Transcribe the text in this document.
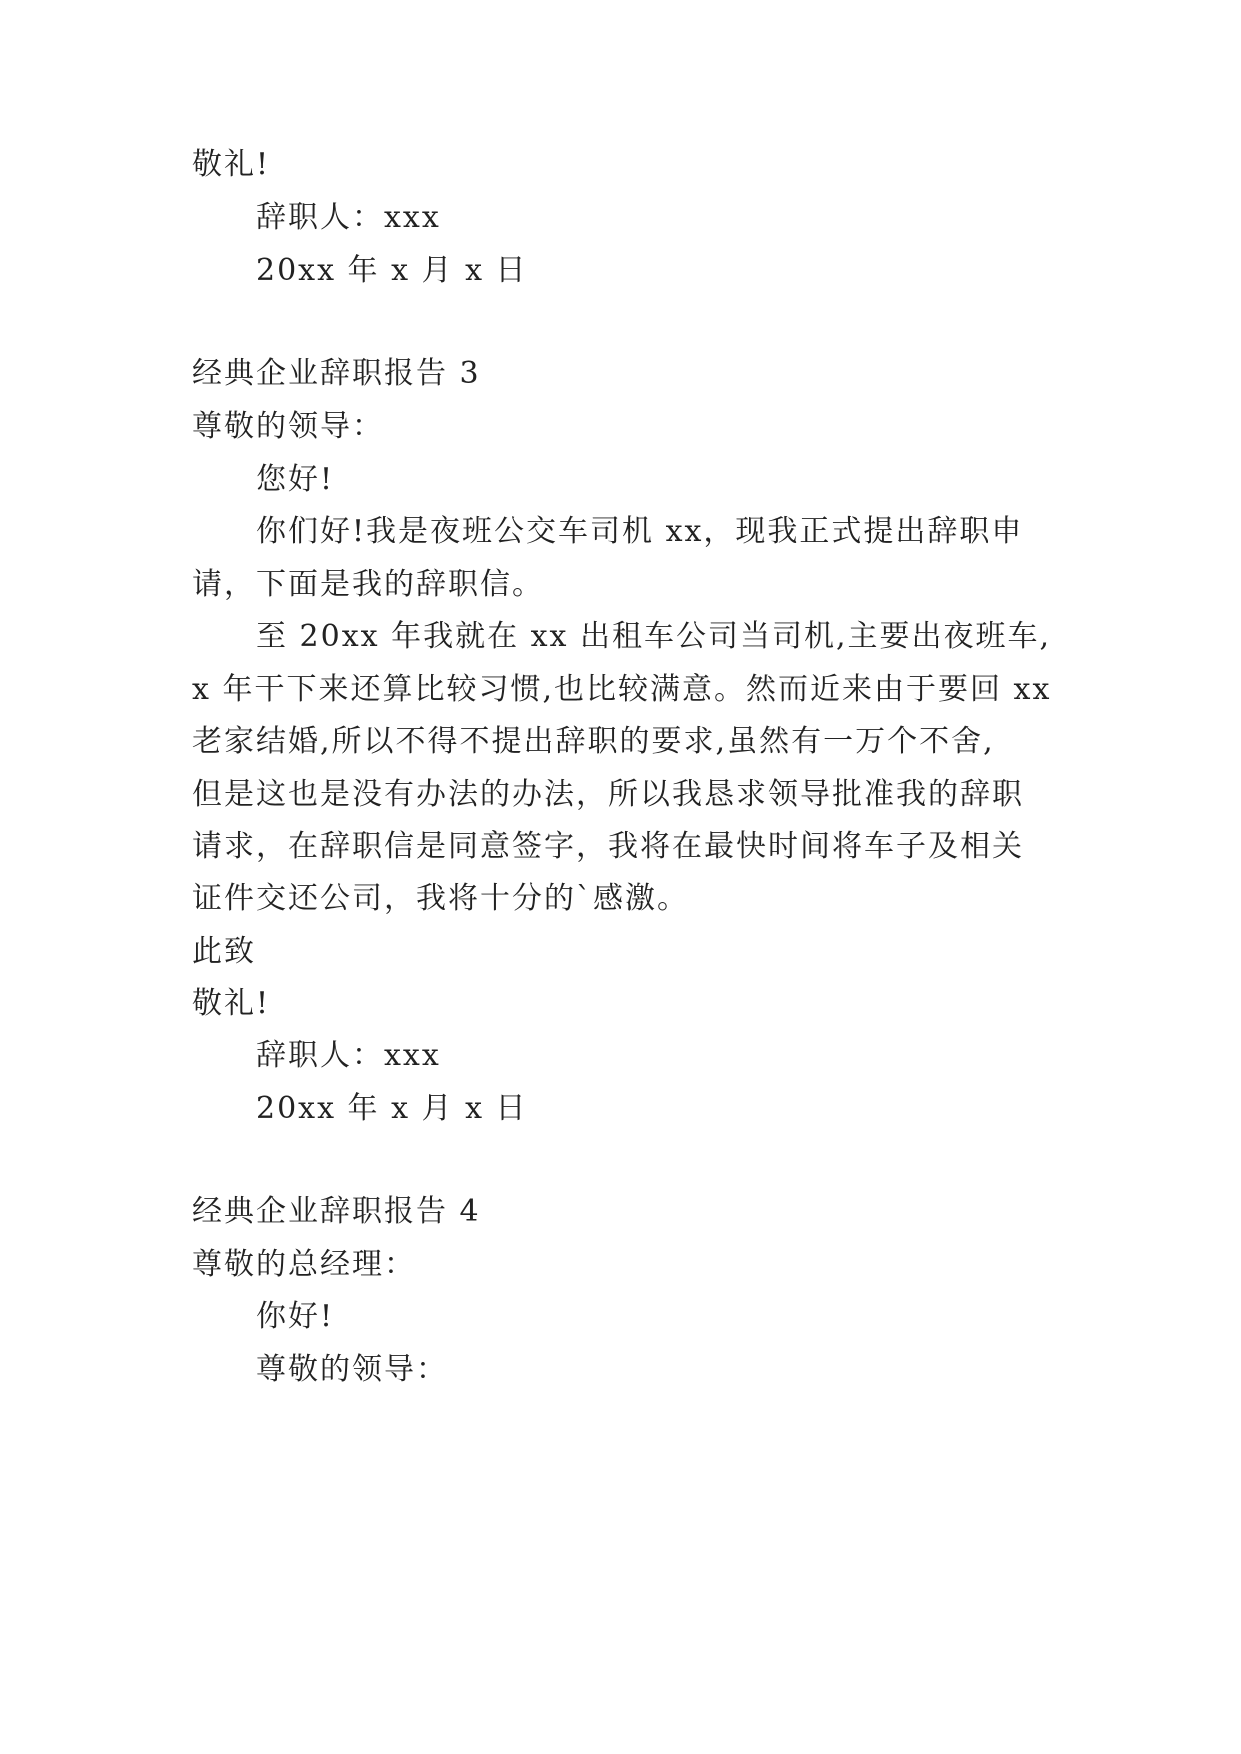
敬礼!
辞职人：xxx
20xx 年 x 月 x 日
经典企业辞职报告 3
尊敬的领导：
您好!
你们好!我是夜班公交车司机 xx，现我正式提出辞职申
请，下面是我的辞职信。
至 20xx 年我就在 xx 出租车公司当司机,主要出夜班车,
x 年干下来还算比较习惯,也比较满意。然而近来由于要回 xx
老家结婚,所以不得不提出辞职的要求,虽然有一万个不舍,
但是这也是没有办法的办法，所以我恳求领导批准我的辞职
请求，在辞职信是同意签字，我将在最快时间将车子及相关
证件交还公司，我将十分的`感激。
此致
敬礼!
辞职人：xxx
20xx 年 x 月 x 日
经典企业辞职报告 4
尊敬的总经理：
你好!
尊敬的领导：
